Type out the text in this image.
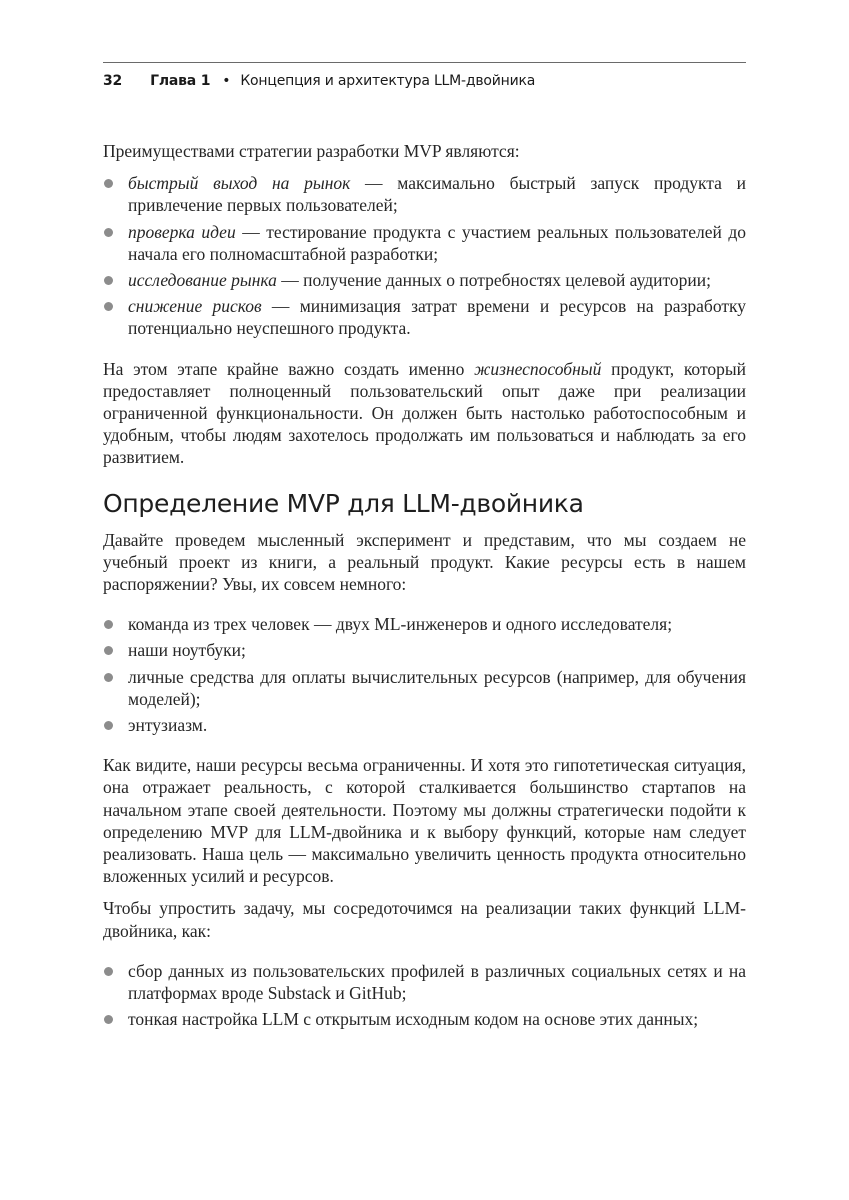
32 Глава 1 • Концепция и архитектура LLM-двойника

Преимуществами стратегии разработки MVP являются:

быстрый выход на рынок — максимально быстрый запуск продукта и привлечение первых пользователей;
проверка идеи — тестирование продукта с участием реальных пользователей до начала его полномасштабной разработки;
исследование рынка — получение данных о потребностях целевой аудитории;
снижение рисков — минимизация затрат времени и ресурсов на разработку потенциально неуспешного продукта.

На этом этапе крайне важно создать именно жизнеспособный продукт, который предоставляет полноценный пользовательский опыт даже при реализации ограниченной функциональности. Он должен быть настолько работоспособным и удобным, чтобы людям захотелось продолжать им пользоваться и наблюдать за его развитием.

Определение MVP для LLM-двойника

Давайте проведем мысленный эксперимент и представим, что мы создаем не учебный проект из книги, а реальный продукт. Какие ресурсы есть в нашем распоряжении? Увы, их совсем немного:

команда из трех человек — двух ML-инженеров и одного исследователя;
наши ноутбуки;
личные средства для оплаты вычислительных ресурсов (например, для обучения моделей);
энтузиазм.

Как видите, наши ресурсы весьма ограниченны. И хотя это гипотетическая ситуация, она отражает реальность, с которой сталкивается большинство стартапов на начальном этапе своей деятельности. Поэтому мы должны стратегически подойти к определению MVP для LLM-двойника и к выбору функций, которые нам следует реализовать. Наша цель — максимально увеличить ценность продукта относительно вложенных усилий и ресурсов.

Чтобы упростить задачу, мы сосредоточимся на реализации таких функций LLM-двойника, как:

сбор данных из пользовательских профилей в различных социальных сетях и на платформах вроде Substack и GitHub;
тонкая настройка LLM с открытым исходным кодом на основе этих данных;
